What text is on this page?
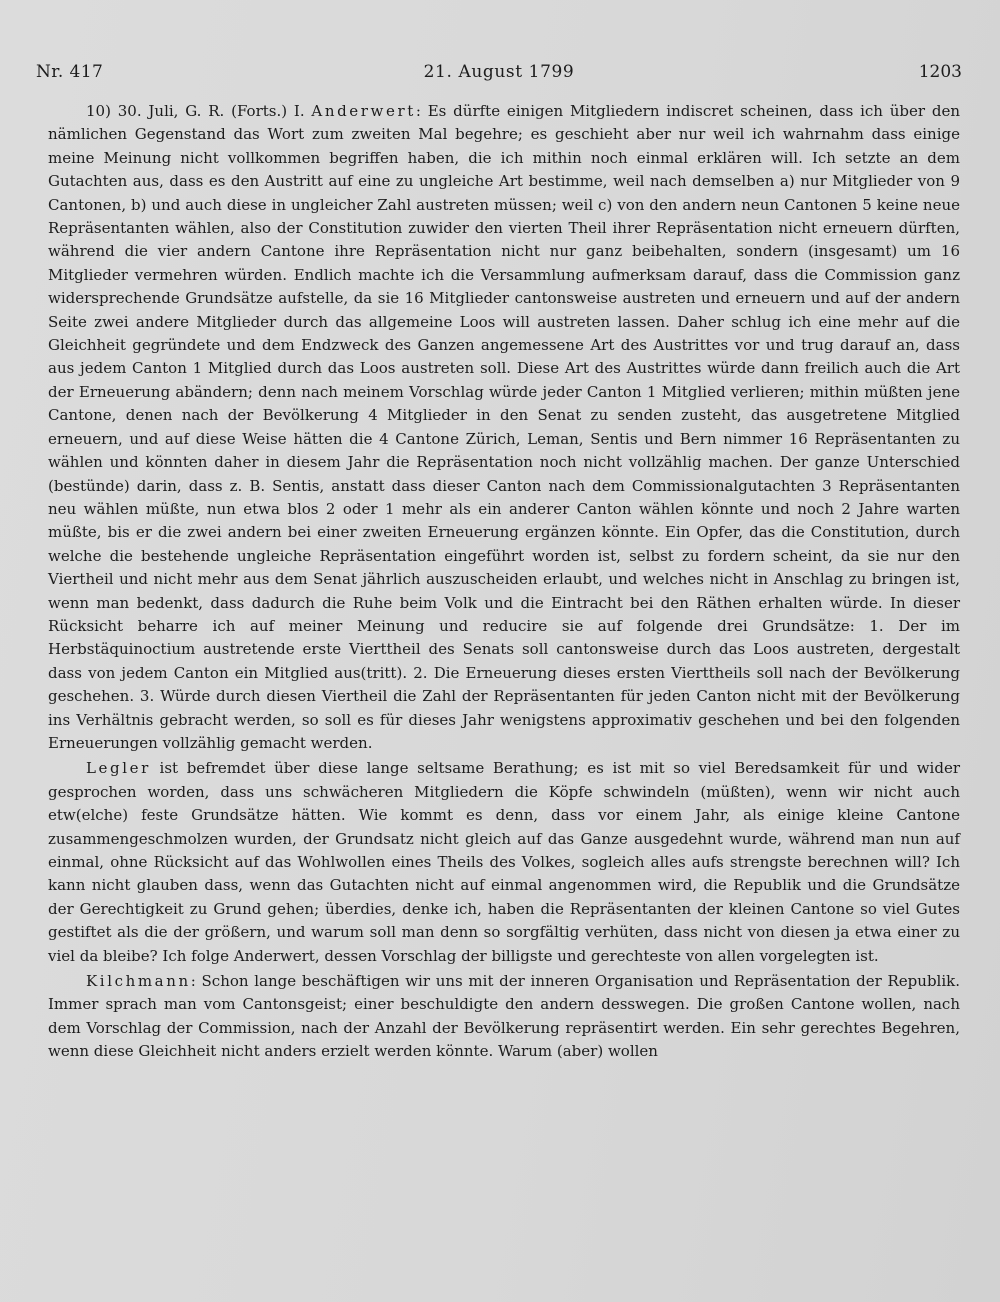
Nr. 417	21. August 1799	1203

10) 30. Juli, G. R. (Forts.) I. Anderwert: Es dürfte einigen Mitgliedern indiscret scheinen, dass ich über den nämlichen Gegenstand das Wort zum zweiten Mal begehre; es geschieht aber nur weil ich wahrnahm dass einige meine Meinung nicht vollkommen begriffen haben, die ich mithin noch einmal erklären will. Ich setzte an dem Gutachten aus, dass es den Austritt auf eine zu ungleiche Art bestimme, weil nach demselben a) nur Mitglieder von 9 Cantonen, b) und auch diese in ungleicher Zahl austreten müssen; weil c) von den andern neun Cantonen 5 keine neue Repräsentanten wählen, also der Constitution zuwider den vierten Theil ihrer Repräsentation nicht erneuern dürften, während die vier andern Cantone ihre Repräsentation nicht nur ganz beibehalten, sondern (insgesamt) um 16 Mitglieder vermehren würden. Endlich machte ich die Versammlung aufmerksam darauf, dass die Commission ganz widersprechende Grundsätze aufstelle, da sie 16 Mitglieder cantonsweise austreten und erneuern und auf der andern Seite zwei andere Mitglieder durch das allgemeine Loos will austreten lassen. Daher schlug ich eine mehr auf die Gleichheit gegründete und dem Endzweck des Ganzen angemessene Art des Austrittes vor und trug darauf an, dass aus jedem Canton 1 Mitglied durch das Loos austreten soll. Diese Art des Austrittes würde dann freilich auch die Art der Erneuerung abändern; denn nach meinem Vorschlag würde jeder Canton 1 Mitglied verlieren; mithin müßten jene Cantone, denen nach der Bevölkerung 4 Mitglieder in den Senat zu senden zusteht, das ausgetretene Mitglied erneuern, und auf diese Weise hätten die 4 Cantone Zürich, Leman, Sentis und Bern nimmer 16 Repräsentanten zu wählen und könnten daher in diesem Jahr die Repräsentation noch nicht vollzählig machen. Der ganze Unterschied (bestünde) darin, dass z. B. Sentis, anstatt dass dieser Canton nach dem Commissionalgutachten 3 Repräsentanten neu wählen müßte, nun etwa blos 2 oder 1 mehr als ein anderer Canton wählen könnte und noch 2 Jahre warten müßte, bis er die zwei andern bei einer zweiten Erneuerung ergänzen könnte. Ein Opfer, das die Constitution, durch welche die bestehende ungleiche Repräsentation eingeführt worden ist, selbst zu fordern scheint, da sie nur den Viertheil und nicht mehr aus dem Senat jährlich auszuscheiden erlaubt, und welches nicht in Anschlag zu bringen ist, wenn man bedenkt, dass dadurch die Ruhe beim Volk und die Eintracht bei den Räthen erhalten würde. In dieser Rücksicht beharre ich auf meiner Meinung und reducire sie auf folgende drei Grundsätze: 1. Der im Herbstäquinoctium austretende erste Vierttheil des Senats soll cantonsweise durch das Loos austreten, dergestalt dass von jedem Canton ein Mitglied aus(tritt). 2. Die Erneuerung dieses ersten Vierttheils soll nach der Bevölkerung geschehen. 3. Würde durch diesen Viertheil die Zahl der Repräsentanten für jeden Canton nicht mit der Bevölkerung ins Verhältnis gebracht werden, so soll es für dieses Jahr wenigstens approximativ geschehen und bei den folgenden Erneuerungen vollzählig gemacht werden.

Legler ist befremdet über diese lange seltsame Berathung; es ist mit so viel Beredsamkeit für und wider gesprochen worden, dass uns schwächeren Mitgliedern die Köpfe schwindeln (müßten), wenn wir nicht auch etw(elche) feste Grundsätze hätten. Wie kommt es denn, dass vor einem Jahr, als einige kleine Cantone zusammengeschmolzen wurden, der Grundsatz nicht gleich auf das Ganze ausgedehnt wurde, während man nun auf einmal, ohne Rücksicht auf das Wohlwollen eines Theils des Volkes, sogleich alles aufs strengste berechnen will? Ich kann nicht glauben dass, wenn das Gutachten nicht auf einmal angenommen wird, die Republik und die Grundsätze der Gerechtigkeit zu Grund gehen; überdies, denke ich, haben die Repräsentanten der kleinen Cantone so viel Gutes gestiftet als die der größern, und warum soll man denn so sorgfältig verhüten, dass nicht von diesen ja etwa einer zu viel da bleibe? Ich folge Anderwert, dessen Vorschlag der billigste und gerechteste von allen vorgelegten ist.

Kilchmann: Schon lange beschäftigen wir uns mit der inneren Organisation und Repräsentation der Republik. Immer sprach man vom Cantonsgeist; einer beschuldigte den andern desswegen. Die großen Cantone wollen, nach dem Vorschlag der Commission, nach der Anzahl der Bevölkerung repräsentirt werden. Ein sehr gerechtes Begehren, wenn diese Gleichheit nicht anders erzielt werden könnte. Warum (aber) wollen
